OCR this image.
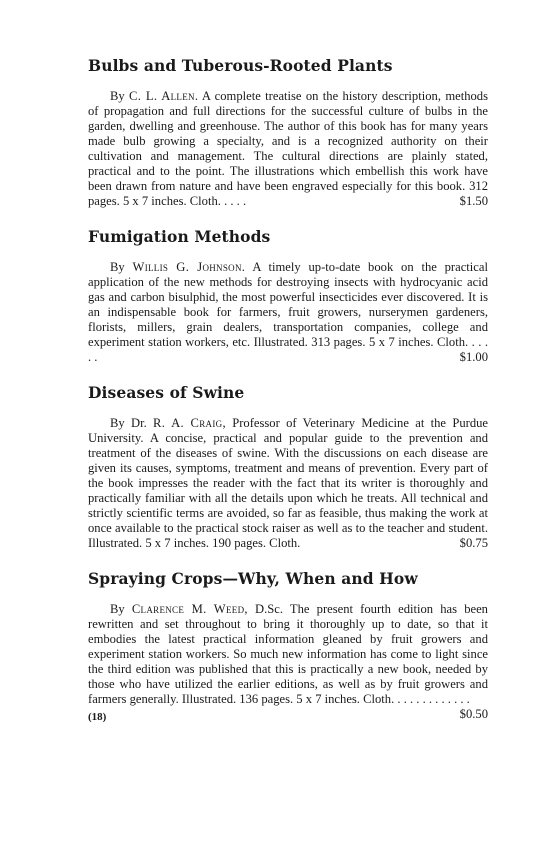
Bulbs and Tuberous-Rooted Plants

By C. L. Allen. A complete treatise on the history description, methods of propagation and full directions for the successful culture of bulbs in the garden, dwelling and greenhouse. The author of this book has for many years made bulb growing a specialty, and is a recognized authority on their cultivation and management. The cultural directions are plainly stated, practical and to the point. The illustrations which embellish this work have been drawn from nature and have been engraved especially for this book. 312 pages. 5 x 7 inches. Cloth. . . . .	$1.50

Fumigation Methods

By Willis G. Johnson. A timely up-to-date book on the practical application of the new methods for destroying insects with hydrocyanic acid gas and carbon bisulphid, the most powerful insecticides ever discovered. It is an indispensable book for farmers, fruit growers, nurserymen gardeners, florists, millers, grain dealers, transportation companies, college and experiment station workers, etc. Illustrated. 313 pages. 5 x 7 inches. Cloth. . . . . .	$1.00

Diseases of Swine

By Dr. R. A. Craig, Professor of Veterinary Medicine at the Purdue University. A concise, practical and popular guide to the prevention and treatment of the diseases of swine. With the discussions on each disease are given its causes, symptoms, treatment and means of prevention. Every part of the book impresses the reader with the fact that its writer is thoroughly and practically familiar with all the details upon which he treats. All technical and strictly scientific terms are avoided, so far as feasible, thus making the work at once available to the practical stock raiser as well as to the teacher and student. Illustrated. 5 x 7 inches. 190 pages. Cloth.	$0.75

Spraying Crops—Why, When and How

By Clarence M. Weed, D.Sc. The present fourth edition has been rewritten and set throughout to bring it thoroughly up to date, so that it embodies the latest practical information gleaned by fruit growers and experiment station workers. So much new information has come to light since the third edition was published that this is practically a new book, needed by those who have utilized the earlier editions, as well as by fruit growers and farmers generally. Illustrated. 136 pages. 5 x 7 inches. Cloth. . . . . . . . . . . . .
$0.50

(18)
